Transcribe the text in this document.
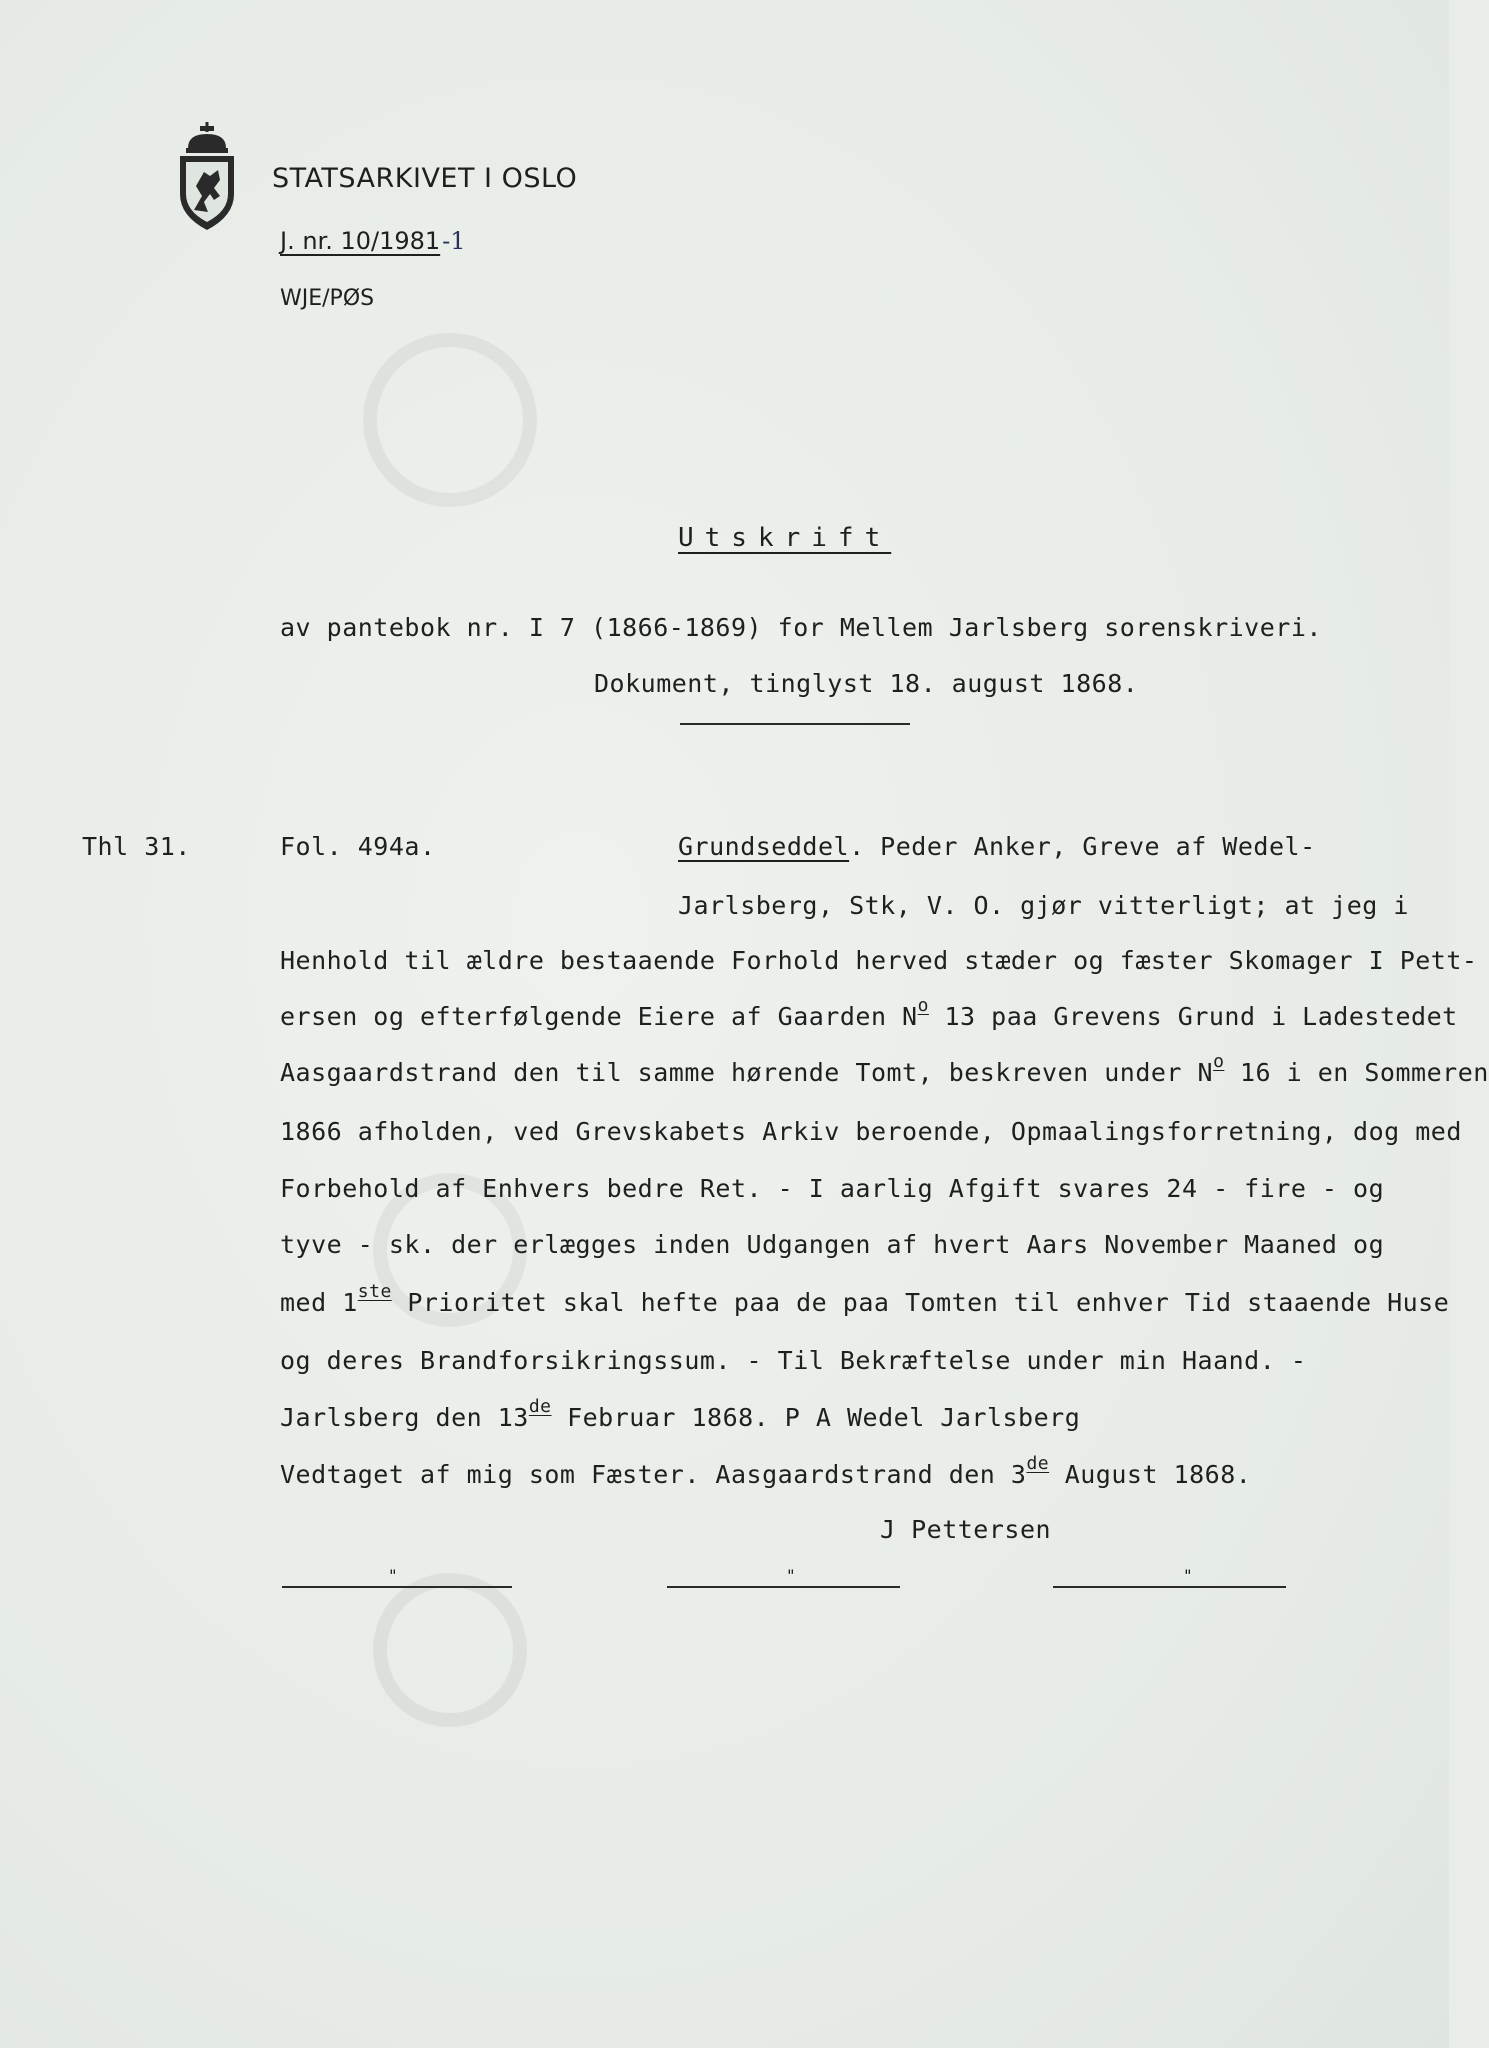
STATSARKIVET I OSLO
J. nr. 10/1981-1
WJE/PØS
Utskrift
av pantebok nr. I 7 (1866-1869) for Mellem Jarlsberg sorenskriveri.
Dokument, tinglyst 18. august 1868.
Thl 31.	Fol. 494a.	Grundseddel. Peder Anker, Greve af Wedel-
Jarlsberg, Stk, V. O. gjør vitterligt; at jeg i
Henhold til ældre bestaaende Forhold herved stæder og fæster Skomager I Pett-
ersen og efterfølgende Eiere af Gaarden $N^o$ 13 paa Grevens Grund i Ladestedet
Aasgaardstrand den til samme hørende Tomt, beskreven under $N^o$ 16 i en Sommeren
1866 afholden, ved Grevskabets Arkiv beroende, Opmaalingsforretning, dog med
Forbehold af Enhvers bedre Ret. - I aarlig Afgift svares 24 - fire - og
tyve - sk. der erlægges inden Udgangen af hvert Aars November Maaned og
med 1ste Prioritet skal hefte paa de paa Tomten til enhver Tid staaende Huse
og deres Brandforsikringssum. - Til Bekræftelse under min Haand. -
Jarlsberg den 13de Februar 1868. P A Wedel Jarlsberg
Vedtaget af mig som Fæster. Aasgaardstrand den 3de August 1868.
J Pettersen
"	"	"
